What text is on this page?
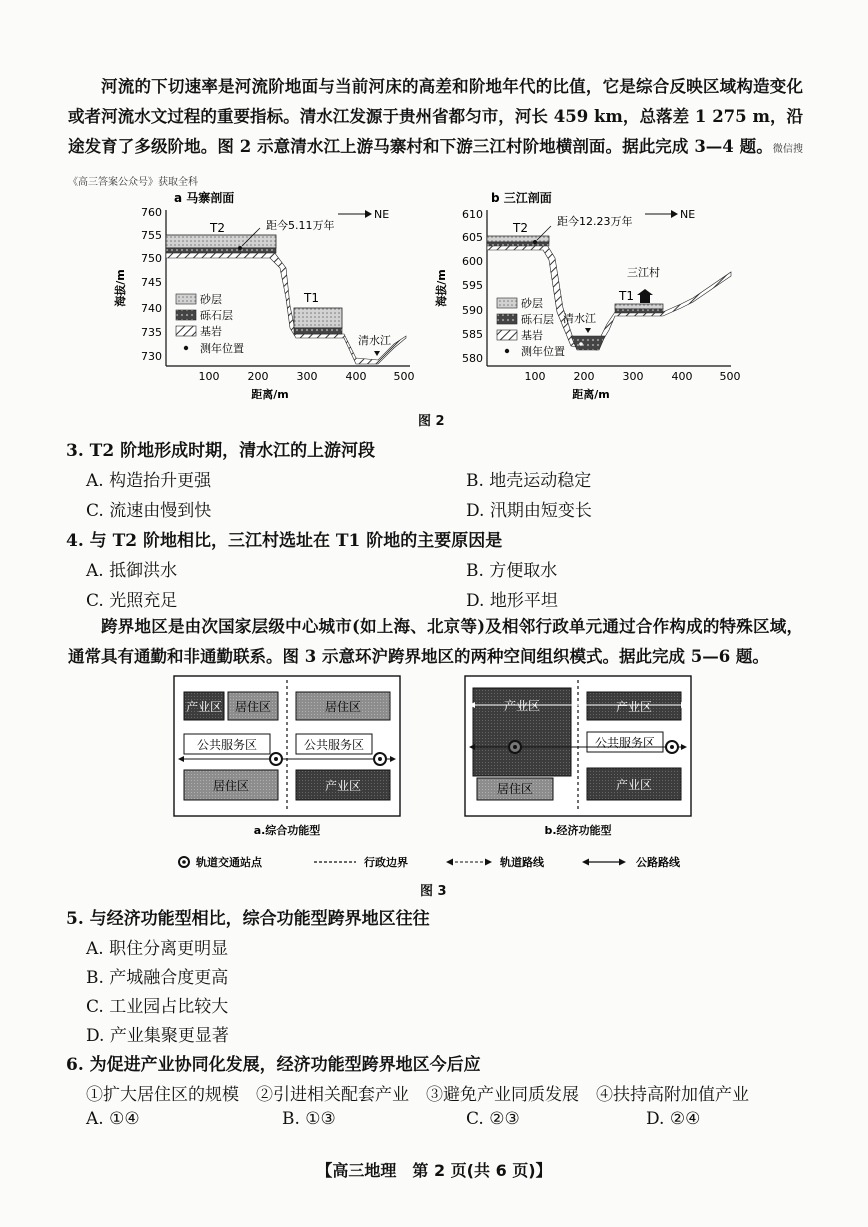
河流的下切速率是河流阶地面与当前河床的高差和阶地年代的比值，它是综合反映区域构造变化或者河流水文过程的重要指标。清水江发源于贵州省都匀市，河长 459 km，总落差 1 275 m，沿途发育了多级阶地。图 2 示意清水江上游马寨村和下游三江村阶地横剖面。据此完成 3—4 题。微信搜《高三答案公众号》获取全科
a 马寨剖面
760
755
750
745
740
735
730
100	200	300	400 500
海拔/m
距离/m
T2
T1
清水江
距今5.11万年
NE
砂层
砾石层
基岩
测年位置
b 三江剖面
610
605
600
595
590
585
580
100	200	300	400 500
海拔/m
距离/m
T2
T1
清水江
三江村
距今12.23万年
NE
砂层
砾石层
基岩
测年位置
图 2
3. T2 阶地形成时期，清水江的上游河段
A. 构造抬升更强	B. 地壳运动稳定
C. 流速由慢到快	D. 汛期由短变长
4. 与 T2 阶地相比，三江村选址在 T1 阶地的主要原因是
A. 抵御洪水	B. 方便取水
C. 光照充足	D. 地形平坦
跨界地区是由次国家层级中心城市(如上海、北京等)及相邻行政单元通过合作构成的特殊区域，通常具有通勤和非通勤联系。图 3 示意环沪跨界地区的两种空间组织模式。据此完成 5—6 题。
产业区 居住区	居住区
公共服务区	公共服务区
居住区	产业区
a.综合功能型
产业区	产业区
公共服务区
居住区	产业区
b.经济功能型
轨道交通站点	行政边界	轨道路线	公路路线
图 3
5. 与经济功能型相比，综合功能型跨界地区往往
A. 职住分离更明显
B. 产城融合度更高
C. 工业园占比较大
D. 产业集聚更显著
6. 为促进产业协同化发展，经济功能型跨界地区今后应
①扩大居住区的规模　②引进相关配套产业　③避免产业同质发展　④扶持高附加值产业
A. ①④	B. ①③	C. ②③	D. ②④
【高三地理　第 2 页(共 6 页)】
